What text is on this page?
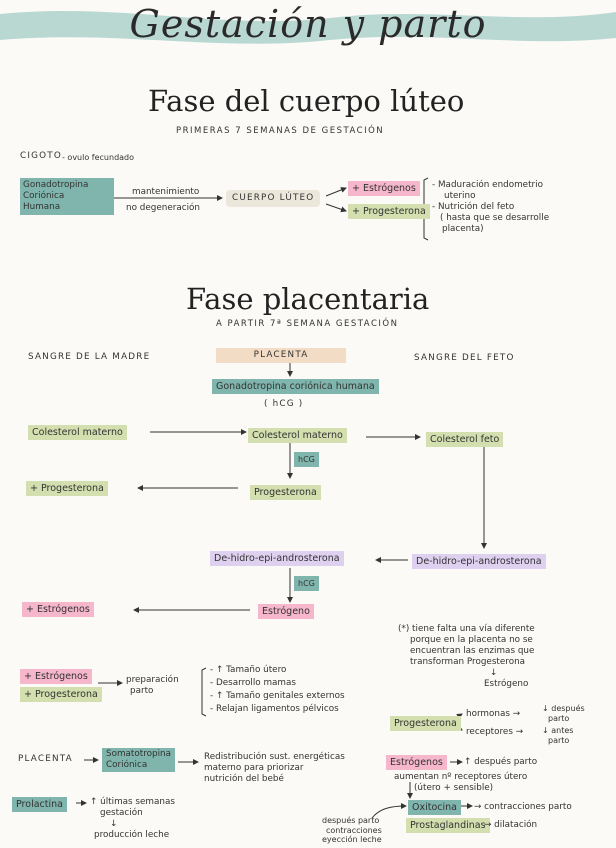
Gestación y parto
Fase del cuerpo lúteo
PRIMERAS 7 SEMANAS DE GESTACIÓN
CIGOTO - ovulo fecundado
Gonadotropina
Coriónica
Humana
mantenimiento
no degeneración
CUERPO LÚTEO
+ Estrógenos
+ Progesterona
- Maduración endometrio
uterino
- Nutrición del feto
( hasta que se desarrolle
placenta)
Fase placentaria
A PARTIR 7ª SEMANA GESTACIÓN
SANGRE DE LA MADRE	PLACENTA	SANGRE DEL FETO
Gonadotropina coriónica humana
( hCG )
Colesterol materno	Colesterol materno	Colesterol feto
hCG
+ Progesterona	Progesterona
De-hidro-epi-androsterona	De-hidro-epi-androsterona
hCG
+ Estrógenos	Estrógeno
(*) tiene falta una vía diferente
porque en la placenta no se
encuentran las enzimas que
transforman Progesterona
↓
Estrógeno
+ Estrógenos
+ Progesterona
preparación
parto
- ↑ Tamaño útero
- Desarrollo mamas
- ↑ Tamaño genitales externos
- Relajan ligamentos pélvicos
PLACENTA	Somatotropina
Coriónica
Redistribución sust. energéticas
materno para priorizar
nutrición del bebé
Prolactina	↑ últimas semanas
gestación
↓
producción leche
Progesterona
hormonas →
receptores →
↓ después
parto
↓ antes
parto
Estrógenos	↑ después parto
aumentan nº receptores útero
(útero + sensible)
Oxitocina	→ contracciones parto
Prostaglandinas
→ dilatación
después parto
contracciones
eyección leche
